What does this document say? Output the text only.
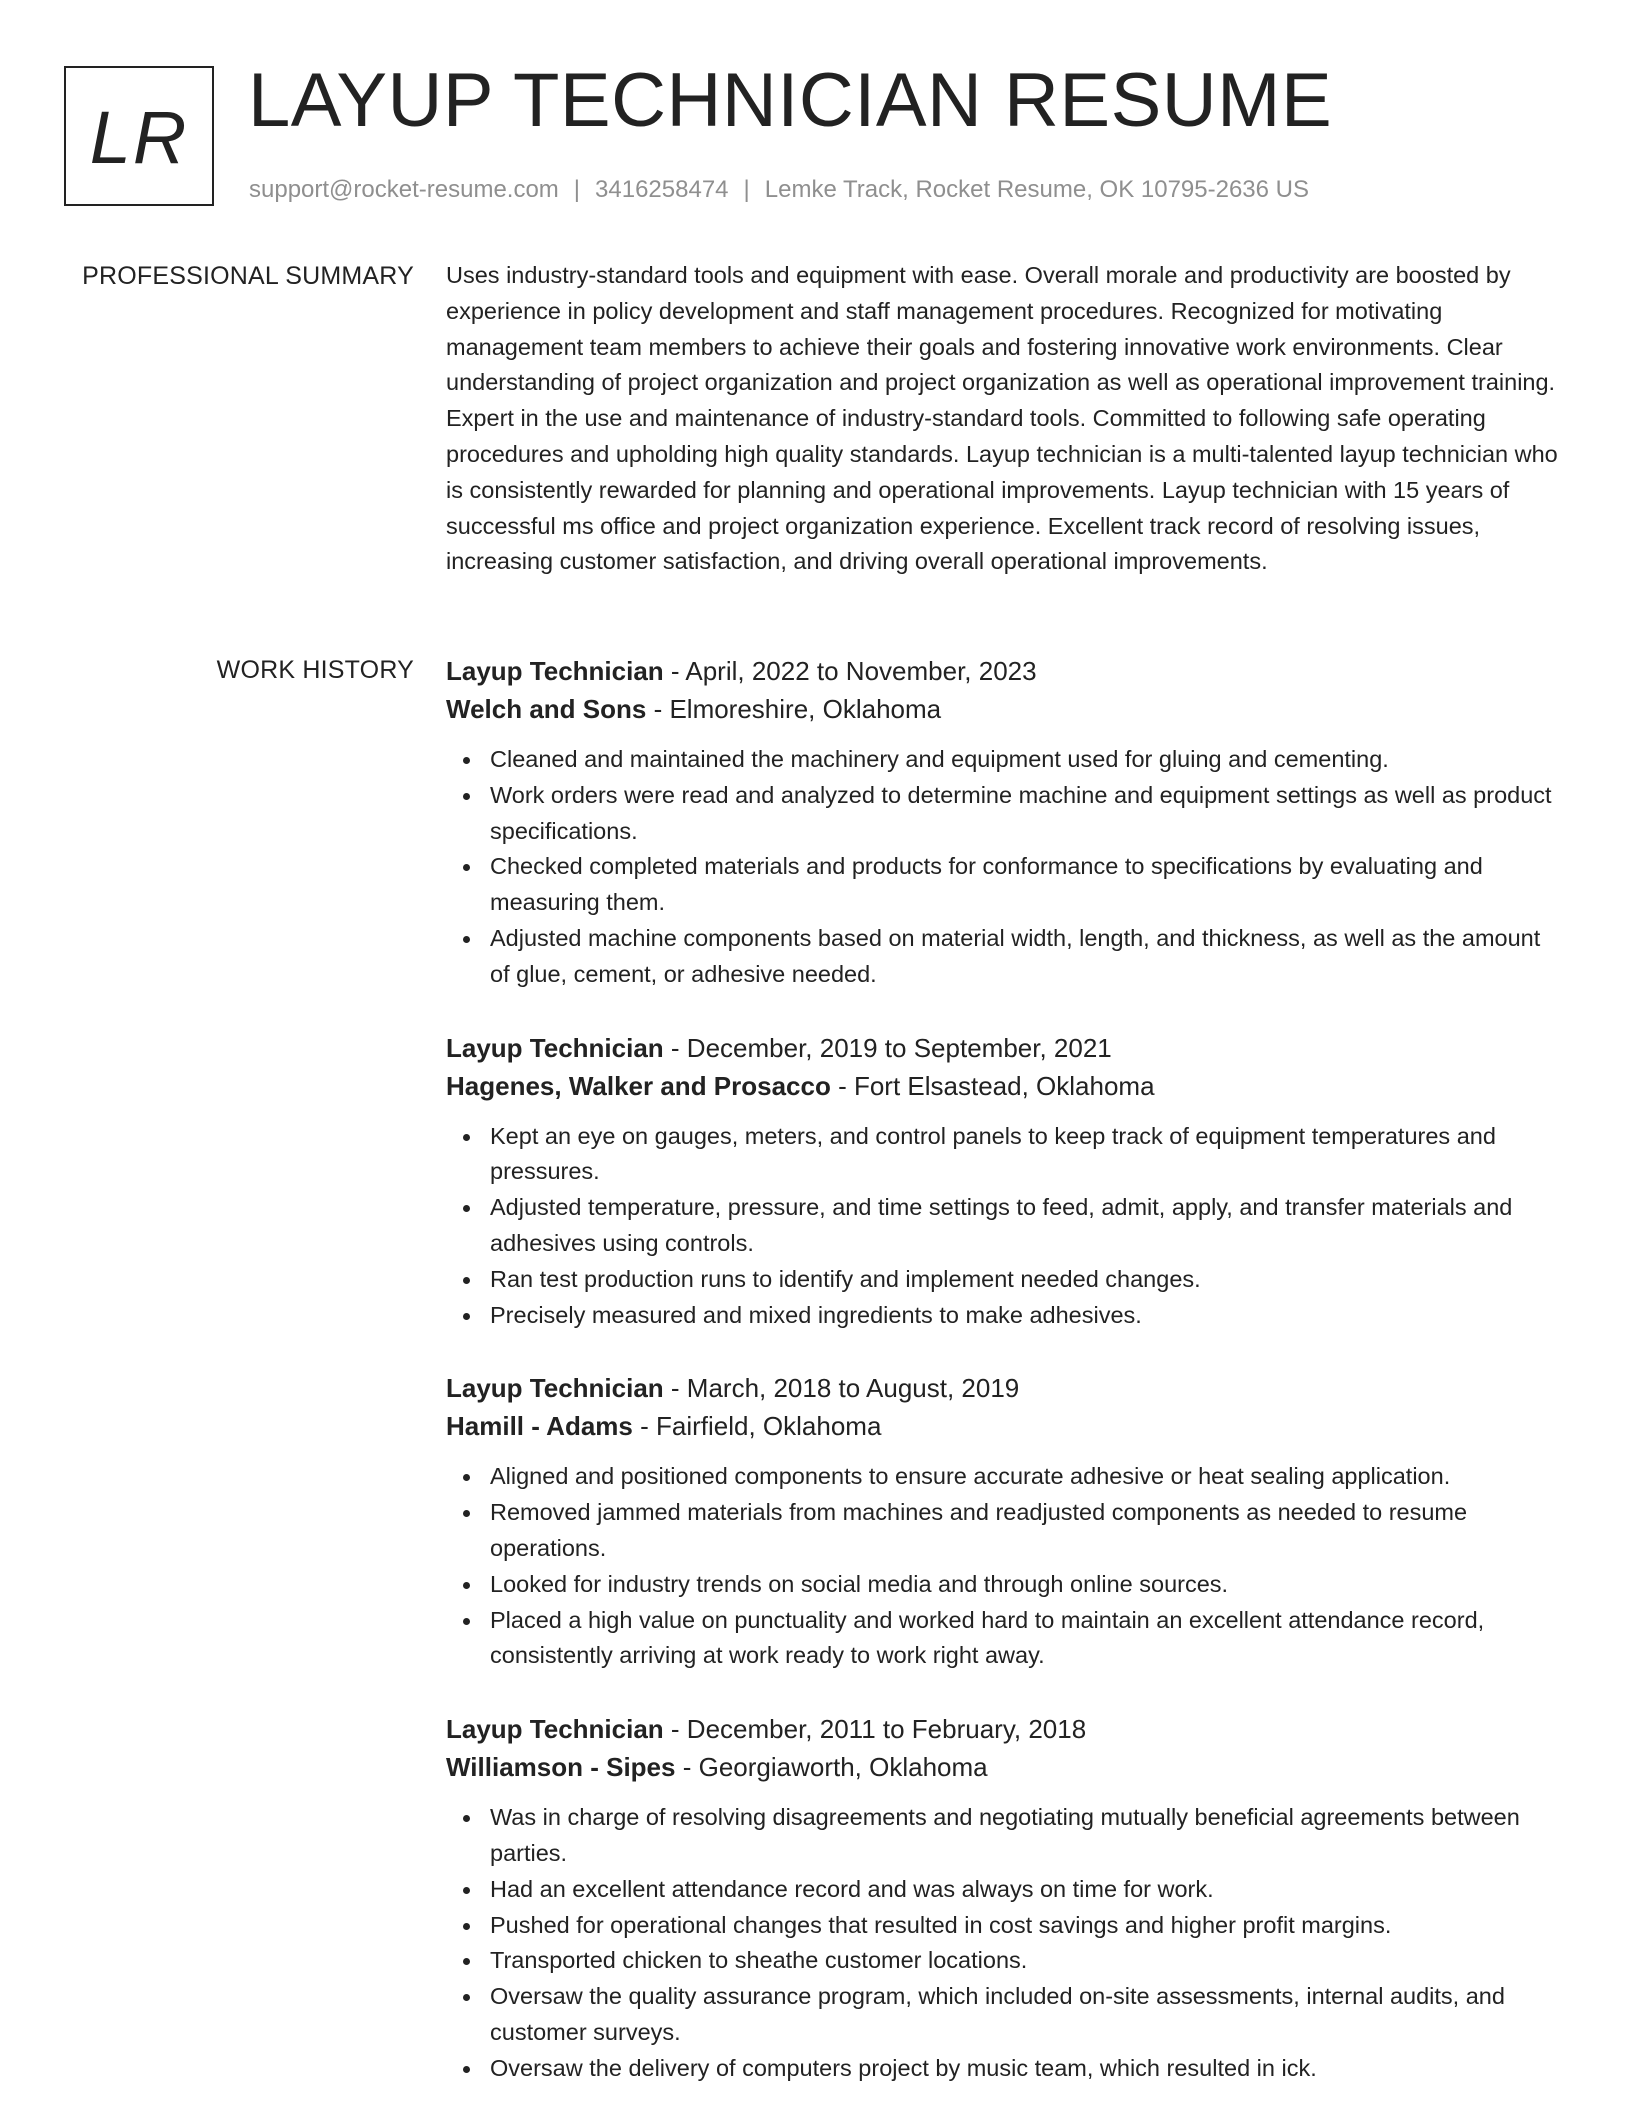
LR LAYUP TECHNICIAN RESUME
support@rocket-resume.com | 3416258474 | Lemke Track, Rocket Resume, OK 10795-2636 US
PROFESSIONAL SUMMARY Uses industry-standard tools and equipment with ease. Overall morale and productivity are boosted by experience in policy development and staff management procedures. Recognized for motivating management team members to achieve their goals and fostering innovative work environments. Clear understanding of project organization and project organization as well as operational improvement training. Expert in the use and maintenance of industry-standard tools. Committed to following safe operating procedures and upholding high quality standards. Layup technician is a multi-talented layup technician who is consistently rewarded for planning and operational improvements. Layup technician with 15 years of successful ms office and project organization experience. Excellent track record of resolving issues, increasing customer satisfaction, and driving overall operational improvements.

WORK HISTORY Layup Technician - April, 2022 to November, 2023
Welch and Sons - Elmoreshire, Oklahoma
Cleaned and maintained the machinery and equipment used for gluing and cementing.
Work orders were read and analyzed to determine machine and equipment settings as well as product specifications.
Checked completed materials and products for conformance to specifications by evaluating and measuring them.
Adjusted machine components based on material width, length, and thickness, as well as the amount of glue, cement, or adhesive needed.
Layup Technician - December, 2019 to September, 2021
Hagenes, Walker and Prosacco - Fort Elsastead, Oklahoma
Kept an eye on gauges, meters, and control panels to keep track of equipment temperatures and pressures.
Adjusted temperature, pressure, and time settings to feed, admit, apply, and transfer materials and adhesives using controls.
Ran test production runs to identify and implement needed changes.
Precisely measured and mixed ingredients to make adhesives.
Layup Technician - March, 2018 to August, 2019
Hamill - Adams - Fairfield, Oklahoma
Aligned and positioned components to ensure accurate adhesive or heat sealing application.
Removed jammed materials from machines and readjusted components as needed to resume operations.
Looked for industry trends on social media and through online sources.
Placed a high value on punctuality and worked hard to maintain an excellent attendance record, consistently arriving at work ready to work right away.
Layup Technician - December, 2011 to February, 2018
Williamson - Sipes - Georgiaworth, Oklahoma
Was in charge of resolving disagreements and negotiating mutually beneficial agreements between parties.
Had an excellent attendance record and was always on time for work.
Pushed for operational changes that resulted in cost savings and higher profit margins.
Transported chicken to sheathe customer locations.
Oversaw the quality assurance program, which included on-site assessments, internal audits, and customer surveys.
Oversaw the delivery of computers project by music team, which resulted in ick.
